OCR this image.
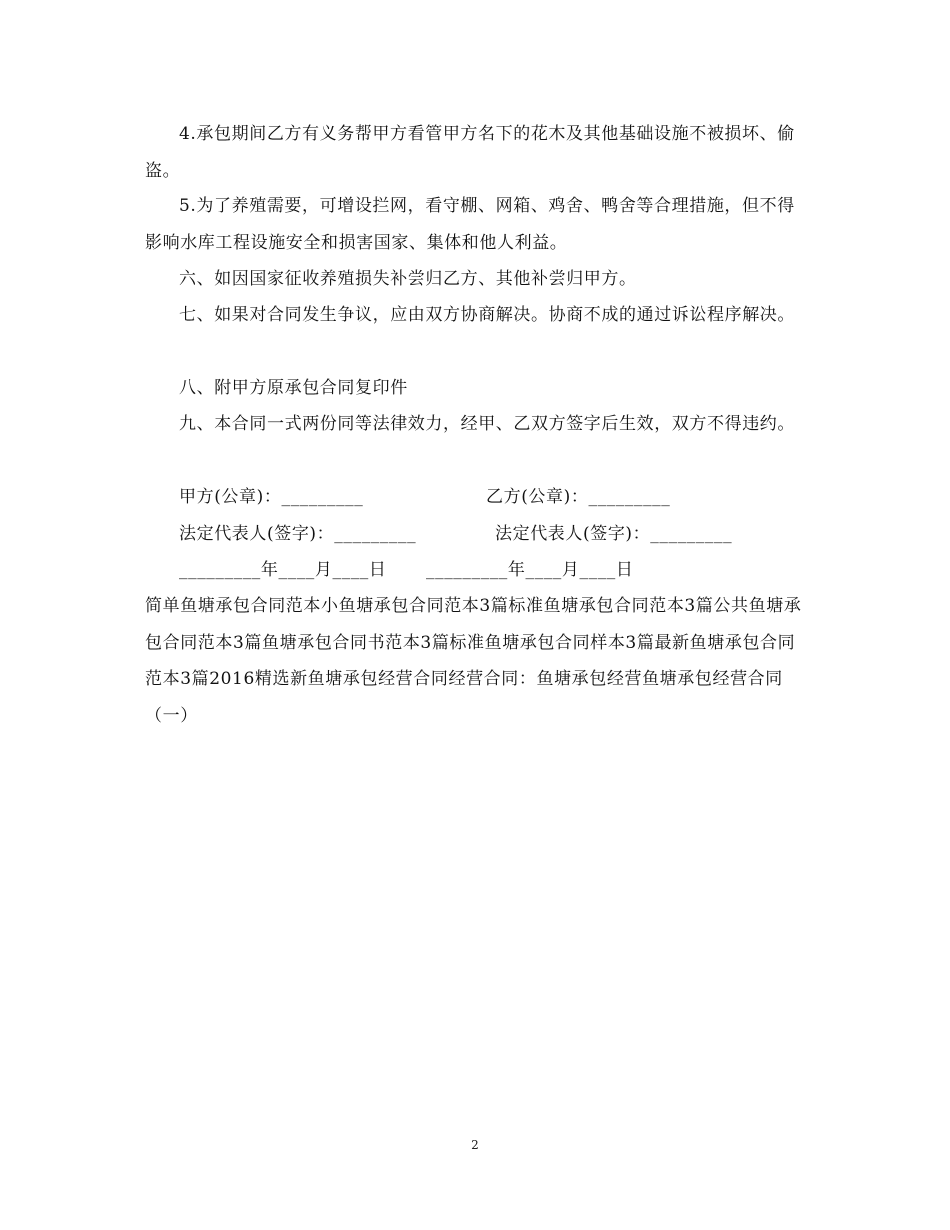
4.承包期间乙方有义务帮甲方看管甲方名下的花木及其他基础设施不被损坏、偷盗。

5.为了养殖需要，可增设拦网，看守棚、网箱、鸡舍、鸭舍等合理措施，但不得影响水库工程设施安全和损害国家、集体和他人利益。

六、如因国家征收养殖损失补尝归乙方、其他补尝归甲方。

七、如果对合同发生争议，应由双方协商解决。协商不成的通过诉讼程序解决。

八、附甲方原承包合同复印件

九、本合同一式两份同等法律效力，经甲、乙双方签字后生效，双方不得违约。

甲方(公章)：_________	乙方(公章)：_________
法定代表人(签字)：_________	法定代表人(签字)：_________
_________年____月____日 _________年____月____日

简单鱼塘承包合同范本小鱼塘承包合同范本3篇标准鱼塘承包合同范本3篇公共鱼塘承包合同范本3篇鱼塘承包合同书范本3篇标准鱼塘承包合同样本3篇最新鱼塘承包合同范本3篇2016精选新鱼塘承包经营合同经营合同：鱼塘承包经营鱼塘承包经营合同（一）

2
